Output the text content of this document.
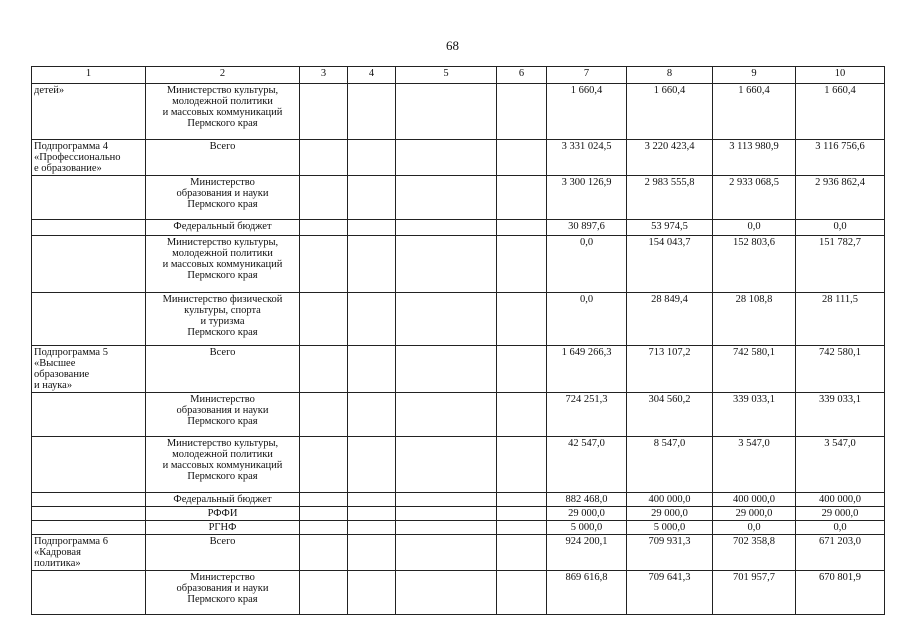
68
1	2	3	4	5	6	7	8	9	10

детей»	Министерство культуры,
молодежной политики
и массовых коммуникаций
Пермского края					1 660,4	1 660,4	1 660,4	1 660,4

Подпрограмма 4
«Профессионально
е образование»	Всего					3 331 024,5	3 220 423,4	3 113 980,9	3 116 756,6

	Министерство
образования и науки
Пермского края					3 300 126,9	2 983 555,8	2 933 068,5	2 936 862,4

	Федеральный бюджет					30 897,6	53 974,5	0,0	0,0

	Министерство культуры,
молодежной политики
и массовых коммуникаций
Пермского края					0,0	154 043,7	152 803,6	151 782,7

	Министерство физической
культуры, спорта
и туризма
Пермского края					0,0	28 849,4	28 108,8	28 111,5

Подпрограмма 5
«Высшее
образование
и наука»	Всего					1 649 266,3	713 107,2	742 580,1	742 580,1

	Министерство
образования и науки
Пермского края					724 251,3	304 560,2	339 033,1	339 033,1

	Министерство культуры,
молодежной политики
и массовых коммуникаций
Пермского края					42 547,0	8 547,0	3 547,0	3 547,0

	Федеральный бюджет					882 468,0	400 000,0	400 000,0	400 000,0

	РФФИ					29 000,0	29 000,0	29 000,0	29 000,0

	РГНФ					5 000,0	5 000,0	0,0	0,0

Подпрограмма 6
«Кадровая
политика»	Всего					924 200,1	709 931,3	702 358,8	671 203,0

	Министерство
образования и науки
Пермского края					869 616,8	709 641,3	701 957,7	670 801,9
